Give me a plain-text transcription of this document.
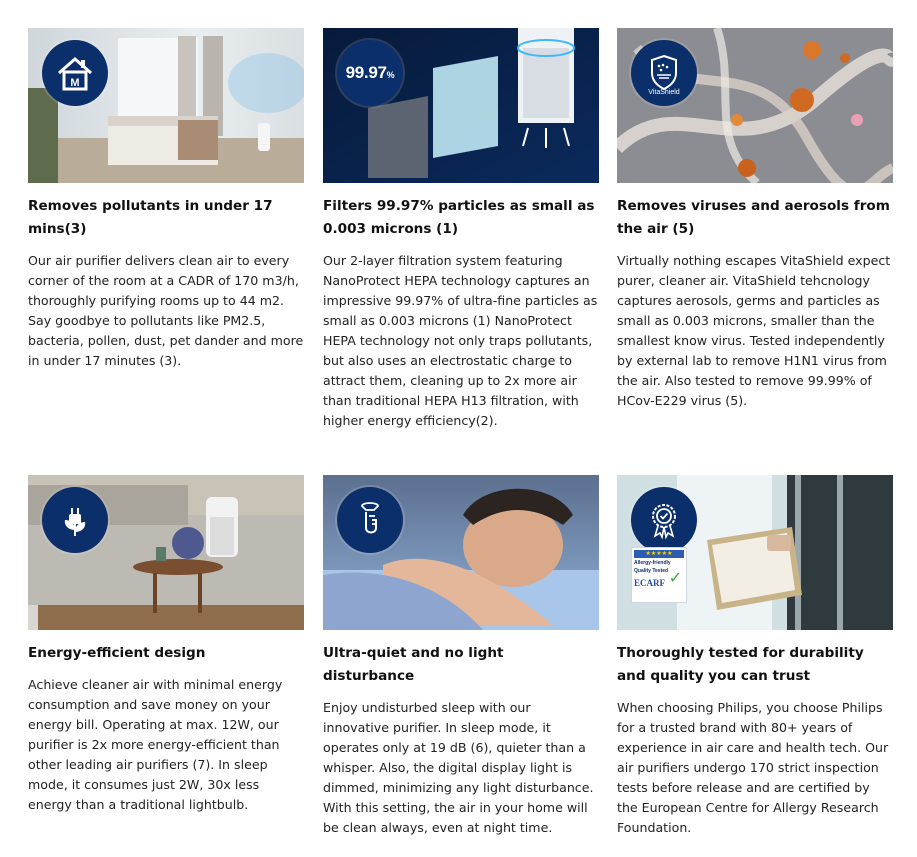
M
Removes pollutants in under 17 mins(3)

Our air purifier delivers clean air to every corner of the room at a CADR of 170 m3/h, thoroughly purifying rooms up to 44 m2. Say goodbye to pollutants like PM2.5, bacteria, pollen, dust, pet dander and more in under 17 minutes (3).

99.97%
Filters 99.97% particles as small as 0.003 microns (1)

Our 2-layer filtration system featuring NanoProtect HEPA technology captures an impressive 99.97% of ultra-fine particles as small as 0.003 microns (1) NanoProtect HEPA technology not only traps pollutants, but also uses an electrostatic charge to attract them, cleaning up to 2x more air than traditional HEPA H13 filtration, with higher energy efficiency(2).

VitaShield
Removes viruses and aerosols from the air (5)

Virtually nothing escapes VitaShield expect purer, cleaner air. VitaShield tehcnology captures aerosols, germs and particles as small as 0.003 microns, smaller than the smallest know virus. Tested independently by external lab to remove H1N1 virus from the air. Also tested to remove 99.99% of HCov-E229 virus (5).

Energy-efficient design

Achieve cleaner air with minimal energy consumption and save money on your energy bill. Operating at max. 12W, our purifier is 2x more energy-efficient than other leading air purifiers (7). In sleep mode, it consumes just 2W, 30x less energy than a traditional lightbulb.

Ultra-quiet and no light disturbance

Enjoy undisturbed sleep with our innovative purifier. In sleep mode, it operates only at 19 dB (6), quieter than a whisper. Also, the digital display light is dimmed, minimizing any light disturbance. With this setting, the air in your home will be clean always, even at night time.

★★★★★
Allergy-friendly
Quality Tested
ECARF ✓
Thoroughly tested for durability and quality you can trust

When choosing Philips, you choose Philips for a trusted brand with 80+ years of experience in air care and health tech. Our air purifiers undergo 170 strict inspection tests before release and are certified by the European Centre for Allergy Research Foundation.
